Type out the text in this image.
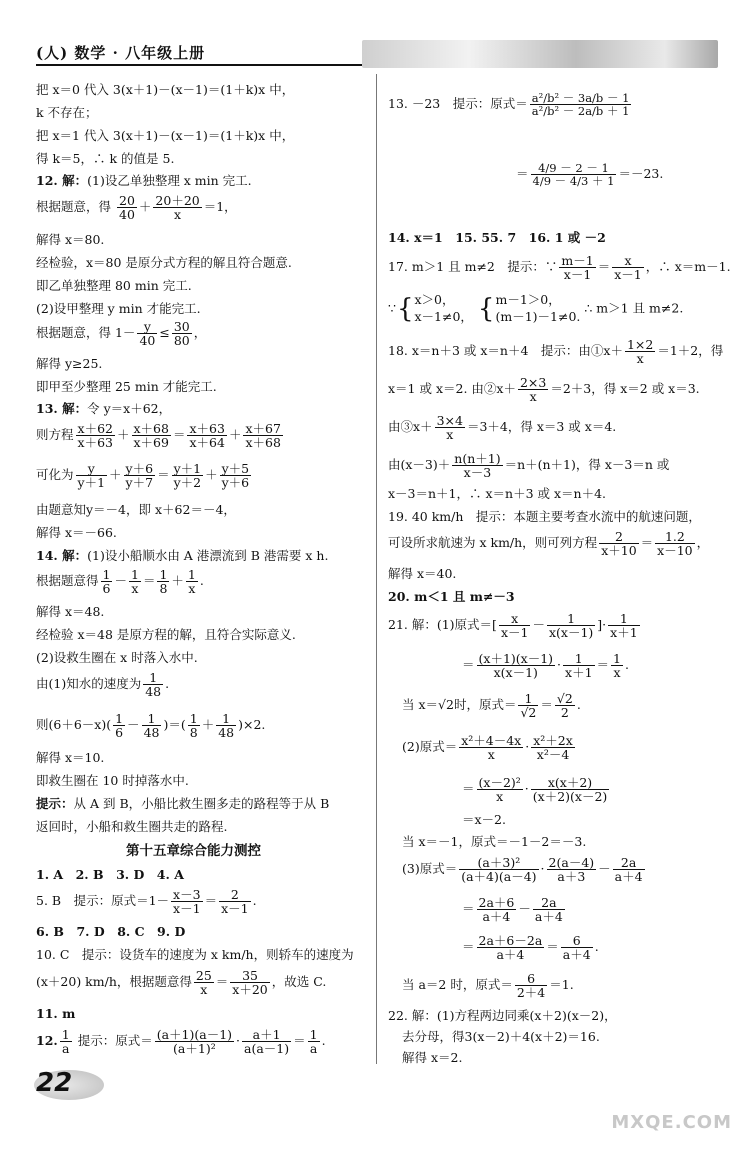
(人) 数学 · 八年级上册
把 x＝0 代入 3(x＋1)－(x－1)＝(1＋k)x 中，
k 不存在；
把 x＝1 代入 3(x＋1)－(x－1)＝(1＋k)x 中，
得 k＝5，∴ k 的值是 5.
12. 解：(1)设乙单独整理 x min 完工.
根据题意，得 $\frac{20}{40} + \frac{20+20}{x} =1$，
解得 x＝80.
经检验，x＝80 是原分式方程的解且符合题意.
即乙单独整理 80 min 完工.
(2)设甲整理 y min 才能完工.
根据题意，得 $1- \frac{y}{40} \le \frac{30}{80}$ ，
解得 y≥25.
即甲至少整理 25 min 才能完工.
13. 解：令 y＝x＋62，
则方程 $\frac{x+62}{x+63} + \frac{x+68}{x+69} = \frac{x+63}{x+64} + \frac{x+67}{x+68}$
可化为 $\frac{y}{y+1} + \frac{y+6}{y+7} = \frac{y+1}{y+2} + \frac{y+5}{y+6}$
由题意知y＝－4，即 x＋62＝－4，
解得 x＝－66.
14. 解：(1)设小船顺水由 A 港漂流到 B 港需要 x h.
根据题意得 $\frac{1}{6} - \frac{1}{x} = \frac{1}{8} + \frac{1}{x}$ .
解得 x＝48.
经检验 x＝48 是原方程的解，且符合实际意义.
(2)设救生圈在 x 时落入水中.
由(1)知水的速度为 $\frac{1}{48}$ .
则$(6+6-x)( \frac{1}{6} - \frac{1}{48}$ )＝( $\frac{1}{8} + \frac{1}{48} )\times 2$.
解得 x＝10.
即救生圈在 10 时掉落水中.
提示：从 A 到 B，小船比救生圈多走的路程等于从 B
返回时，小船和救生圈共走的路程.
第十五章综合能力测控
1. A　2. B　3. D　4. A
5. B　提示：原式$=1- \frac{x-3}{x-1} = \frac{2}{x-1}$ .
6. B　7. D　8. C　9. D
10. C　提示：设货车的速度为 x km/h，则轿车的速度为
(x＋20) km/h，根据题意得 $\frac{25}{x} = \frac{35}{x+20}$ ，故选 C.
11. m
12. $\frac{1}{a}$ 提示：原式＝ $\frac{(a+1)(a-1)}{\text{(a＋1)²}} \cdot \frac{a+1}{a(a-1)} = \frac{1}{a}$ .
13. －23　提示：原式＝ $\frac{\text{a²/b² － 3a/b － 1}}{\text{a²/b² － 2a/b ＋ 1}}$
＝ $\frac{4/9 - 2 - 1}{4/9 - 4/3 + 1} =-23$.
14. x＝1　15. 55. 7　16. 1 或 －2
17. m＞1 且 m≠2　提示：∵ $\frac{m-1}{x-1} = \frac{x}{x-1}$ ，∴ x＝m－1.
∵{ x＞0，
x－1≠0， { m－1＞0，
(m－1)－1≠0.
∴ m＞1 且 m≠2.
18. x＝n＋3 或 x＝n＋4　提示：由①x＋ $\frac{1\times 2}{x} =1+2$，得
x＝1 或 x＝2. 由②x＋ $\frac{2\times 3}{x} =2+3$，得 x＝2 或 x＝3.
由③x＋ $\frac{3\times 4}{x} =3+4$，得 x＝3 或 x＝4.
由$(x-3)+ \frac{n(n+1)}{x-3} =n+(n+1)$，得 x－3＝n 或
x－3＝n＋1，∴ x＝n＋3 或 x＝n＋4.
19. 40 km/h　提示：本题主要考查水流中的航速问题，
可设所求航速为 x km/h，则可列方程 $\frac{2}{x+10} = \frac{1.2}{x-10}$ ，
解得 x＝40.
20. m＜1 且 m≠－3
21. 解：(1)原式＝[ $\frac{x}{x-1} - \frac{1}{x(x-1)}$ ]· $\frac{1}{x+1}$
＝ $\frac{(x+1)(x-1)}{x(x-1)} \cdot \frac{1}{x+1} = \frac{1}{x}$ .
当 x＝√2时，原式＝ $\frac{1}{√2} = \frac{√2}{2}$ .
(2)原式＝ $\frac{\text{x²＋4－4x}}{x} \cdot \frac{\text{x²＋2x}}{\text{x²－4}}$
＝ $\frac{\text{(x－2)²}}{x} \cdot \frac{x(x+2)}{(x+2)(x-2)}$
＝x－2.
当 x＝－1，原式＝－1－2＝－3.
(3)原式＝ $\frac{\text{(a＋3)²}}{(a+4)(a-4)} \cdot \frac{2(a-4)}{a+3} - \frac{2a}{a+4}$
＝ $\frac{2a+6}{a+4} - \frac{2a}{a+4}$
＝ $\frac{2a+6-2a}{a+4} = \frac{6}{a+4}$ .
当 a＝2 时，原式＝ $\frac{6}{2+4} =1$.
22. 解：(1)方程两边同乘(x＋2)(x－2)，
去分母，得3(x－2)＋4(x＋2)＝16.
解得 x＝2.
22
MXQE.COM
